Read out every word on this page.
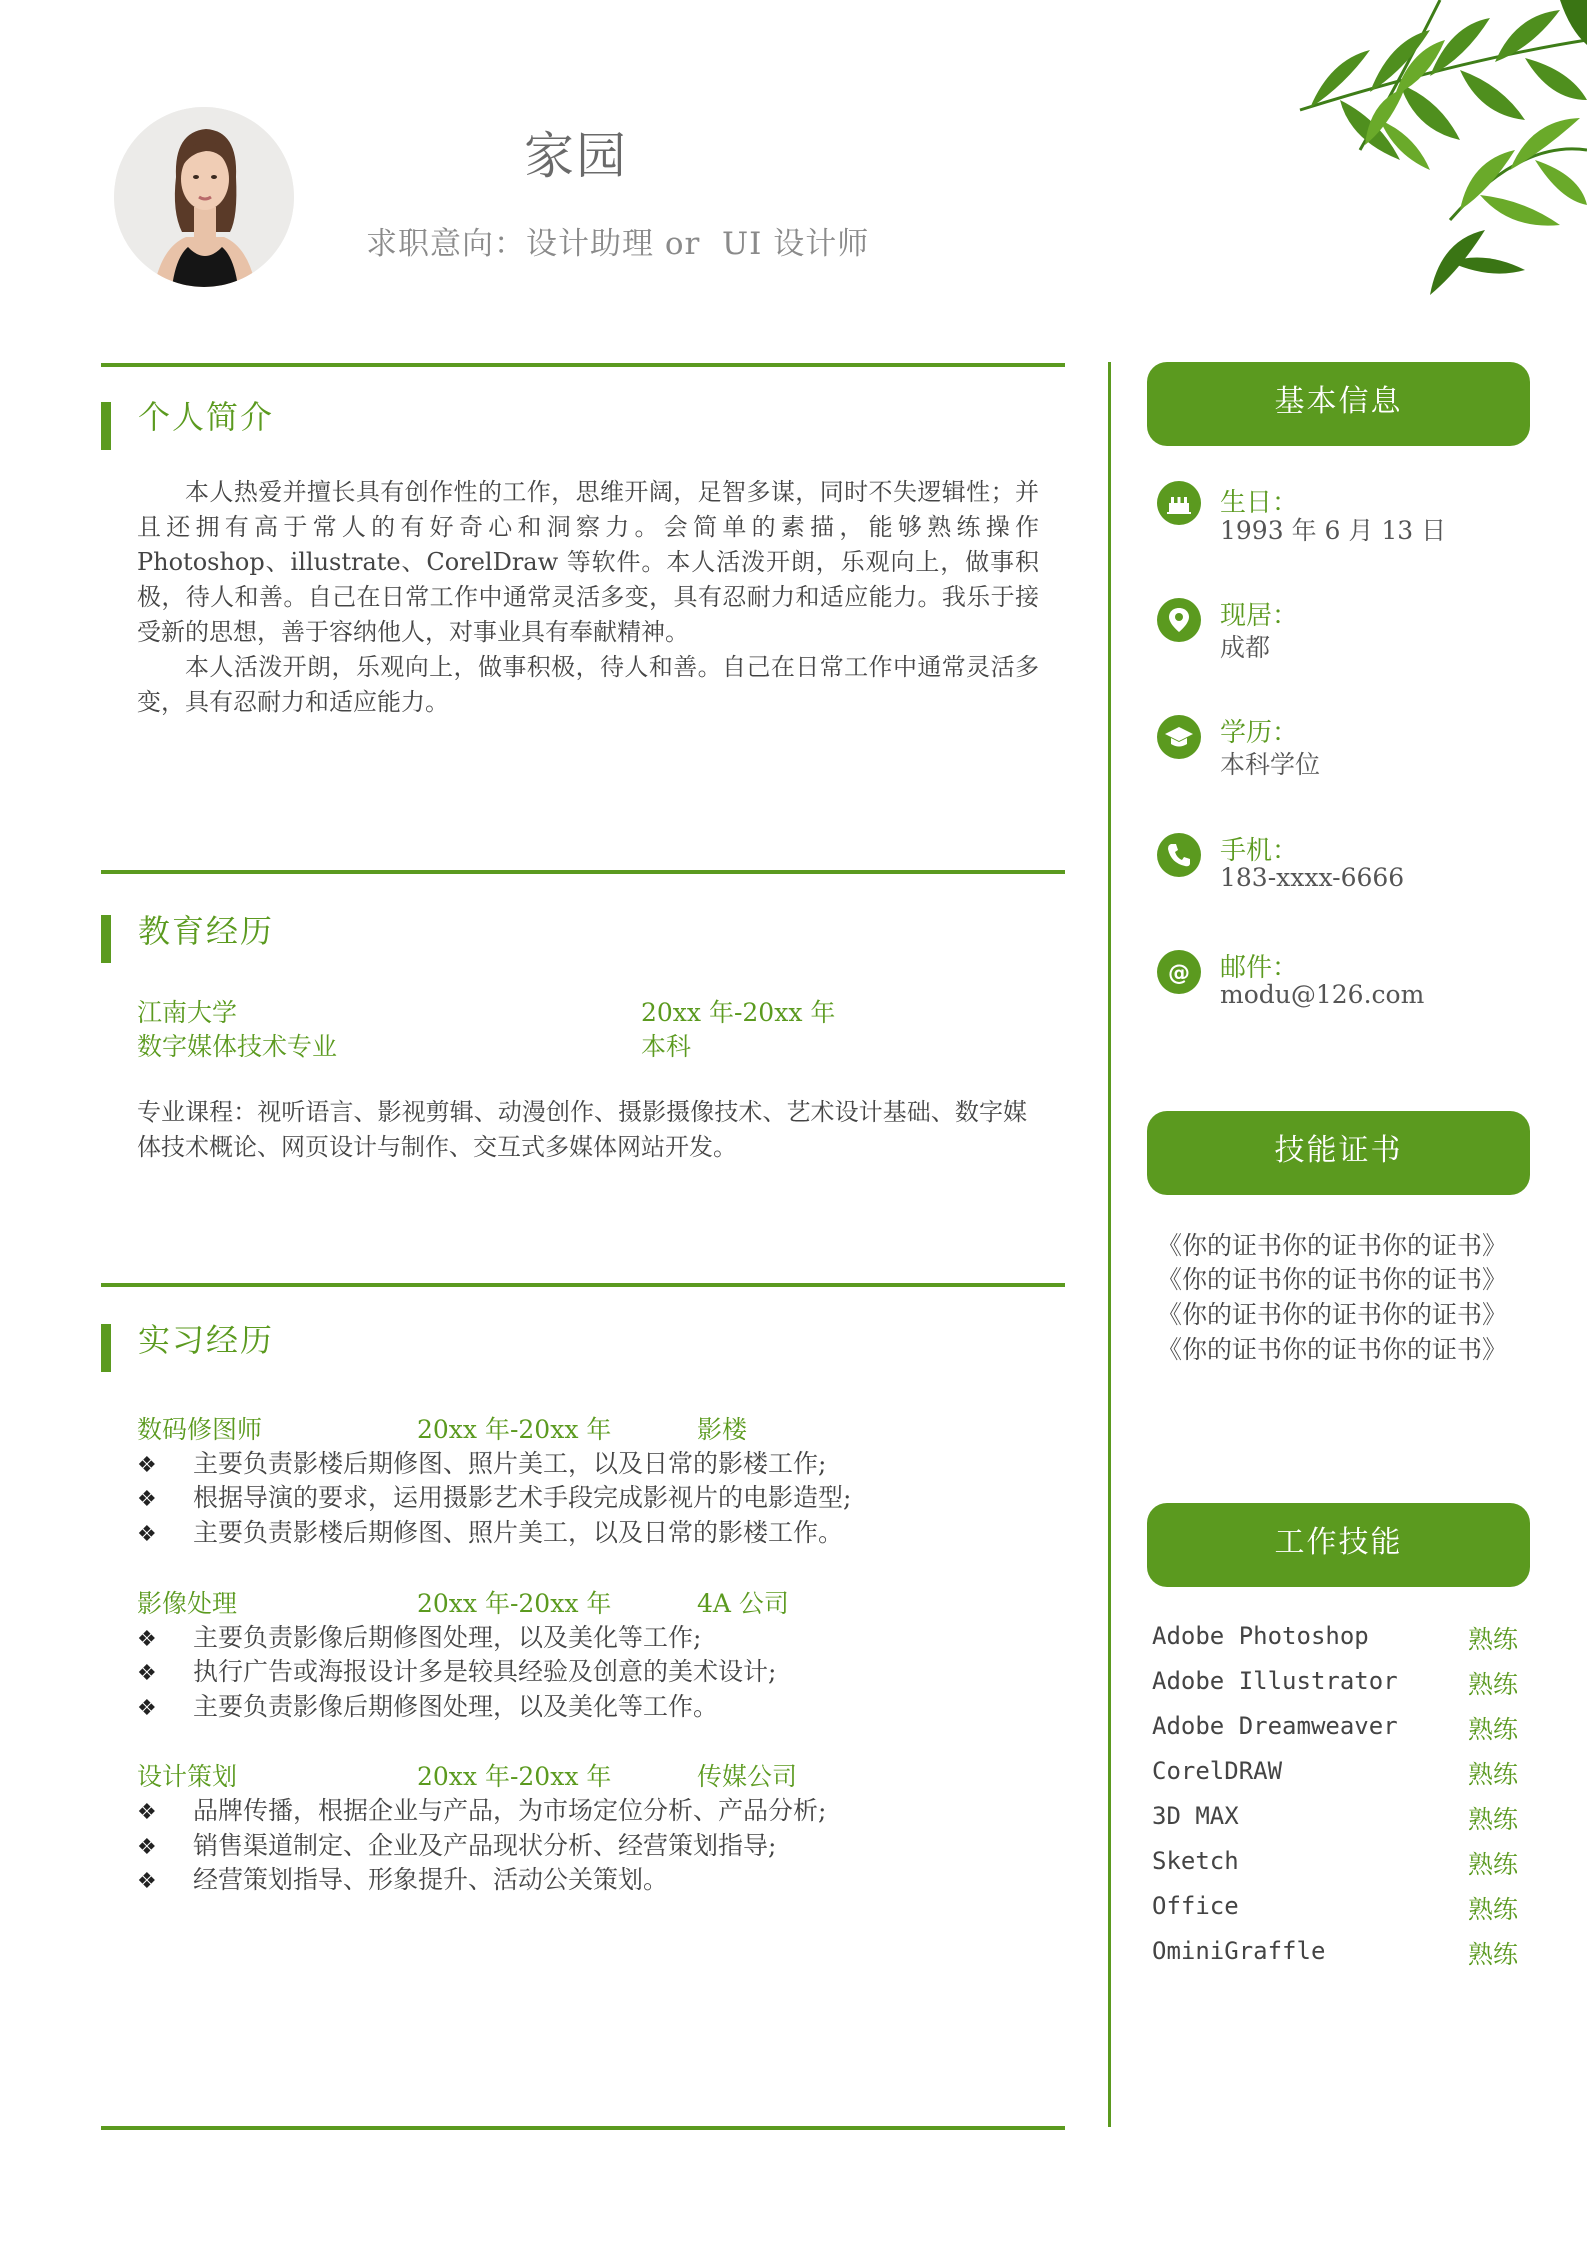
家园
求职意向：设计助理 or  UI 设计师
个人简介

本人热爱并擅长具有创作性的工作，思维开阔，足智多谋，同时不失逻辑性；并且还拥有高于常人的有好奇心和洞察力。会简单的素描，能够熟练操作 Photoshop、illustrate、CorelDraw 等软件。本人活泼开朗，乐观向上，做事积极，待人和善。自己在日常工作中通常灵活多变，具有忍耐力和适应能力。我乐于接受新的思想，善于容纳他人，对事业具有奉献精神。

本人活泼开朗，乐观向上，做事积极，待人和善。自己在日常工作中通常灵活多变，具有忍耐力和适应能力。

教育经历
江南大学	20xx 年-20xx 年
数字媒体技术专业	本科
专业课程：视听语言、影视剪辑、动漫创作、摄影摄像技术、艺术设计基础、数字媒体技术概论、网页设计与制作、交互式多媒体网站开发。
实习经历
数码修图师	20xx 年-20xx 年	影楼
❖ 主要负责影楼后期修图、照片美工，以及日常的影楼工作;
❖ 根据导演的要求，运用摄影艺术手段完成影视片的电影造型;
❖ 主要负责影楼后期修图、照片美工，以及日常的影楼工作。
影像处理	20xx 年-20xx 年	4A 公司
❖ 主要负责影像后期修图处理，以及美化等工作;
❖ 执行广告或海报设计多是较具经验及创意的美术设计;
❖ 主要负责影像后期修图处理，以及美化等工作。
设计策划	20xx 年-20xx 年	传媒公司
❖ 品牌传播，根据企业与产品，为市场定位分析、产品分析;
❖ 销售渠道制定、企业及产品现状分析、经营策划指导;
❖ 经营策划指导、形象提升、活动公关策划。
基本信息
生日：
1993 年 6 月 13 日
现居：
成都
学历：
本科学位
手机：
183-xxxx-6666
@ 邮件：
modu@126.com
技能证书
《你的证书你的证书你的证书》
《你的证书你的证书你的证书》
《你的证书你的证书你的证书》
《你的证书你的证书你的证书》
工作技能
Adobe Photoshop	熟练
Adobe Illustrator	熟练
Adobe Dreamweaver	熟练
CorelDRAW	熟练
3D MAX	熟练
Sketch	熟练
Office	熟练
OminiGraffle	熟练
